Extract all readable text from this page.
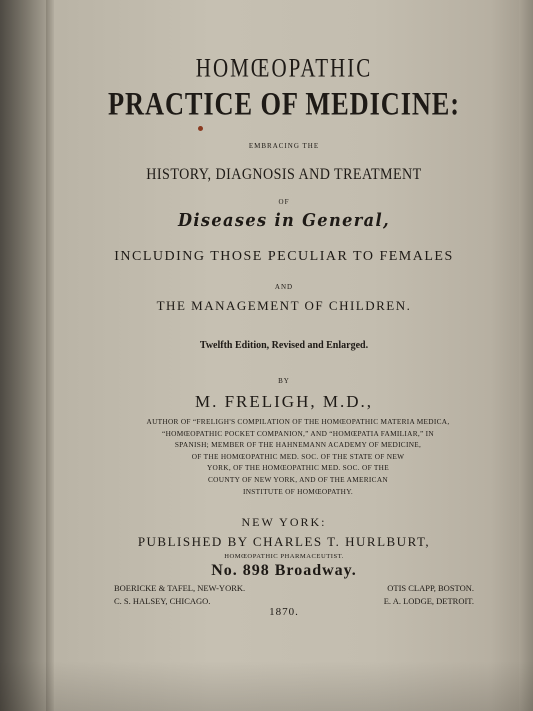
HOMŒOPATHIC
PRACTICE OF MEDICINE:
EMBRACING THE
HISTORY, DIAGNOSIS AND TREATMENT
OF
Diseases in General,
INCLUDING THOSE PECULIAR TO FEMALES
AND
THE MANAGEMENT OF CHILDREN.
Twelfth Edition, Revised and Enlarged.
BY
M. FRELIGH, M.D.,
AUTHOR OF “FRELIGH'S COMPILATION OF THE HOMŒOPATHIC MATERIA MEDICA,
“HOMŒOPATHIC POCKET COMPANION,” AND “HOMŒPATIA FAMILIAR,” IN
SPANISH; MEMBER OF THE HAHNEMANN ACADEMY OF MEDICINE,
OF THE HOMŒOPATHIC MED. SOC. OF THE STATE OF NEW
YORK, OF THE HOMŒOPATHIC MED. SOC. OF THE
COUNTY OF NEW YORK, AND OF THE AMERICAN
INSTITUTE OF HOMŒOPATHY.
NEW YORK:
PUBLISHED BY CHARLES T. HURLBURT,
HOMŒOPATHIC PHARMACEUTIST.
No. 898 Broadway.
BOERICKE & TAFEL, NEW-YORK.	OTIS CLAPP, BOSTON.
C. S. HALSEY, CHICAGO.	E. A. LODGE, DETROIT.
1870.
